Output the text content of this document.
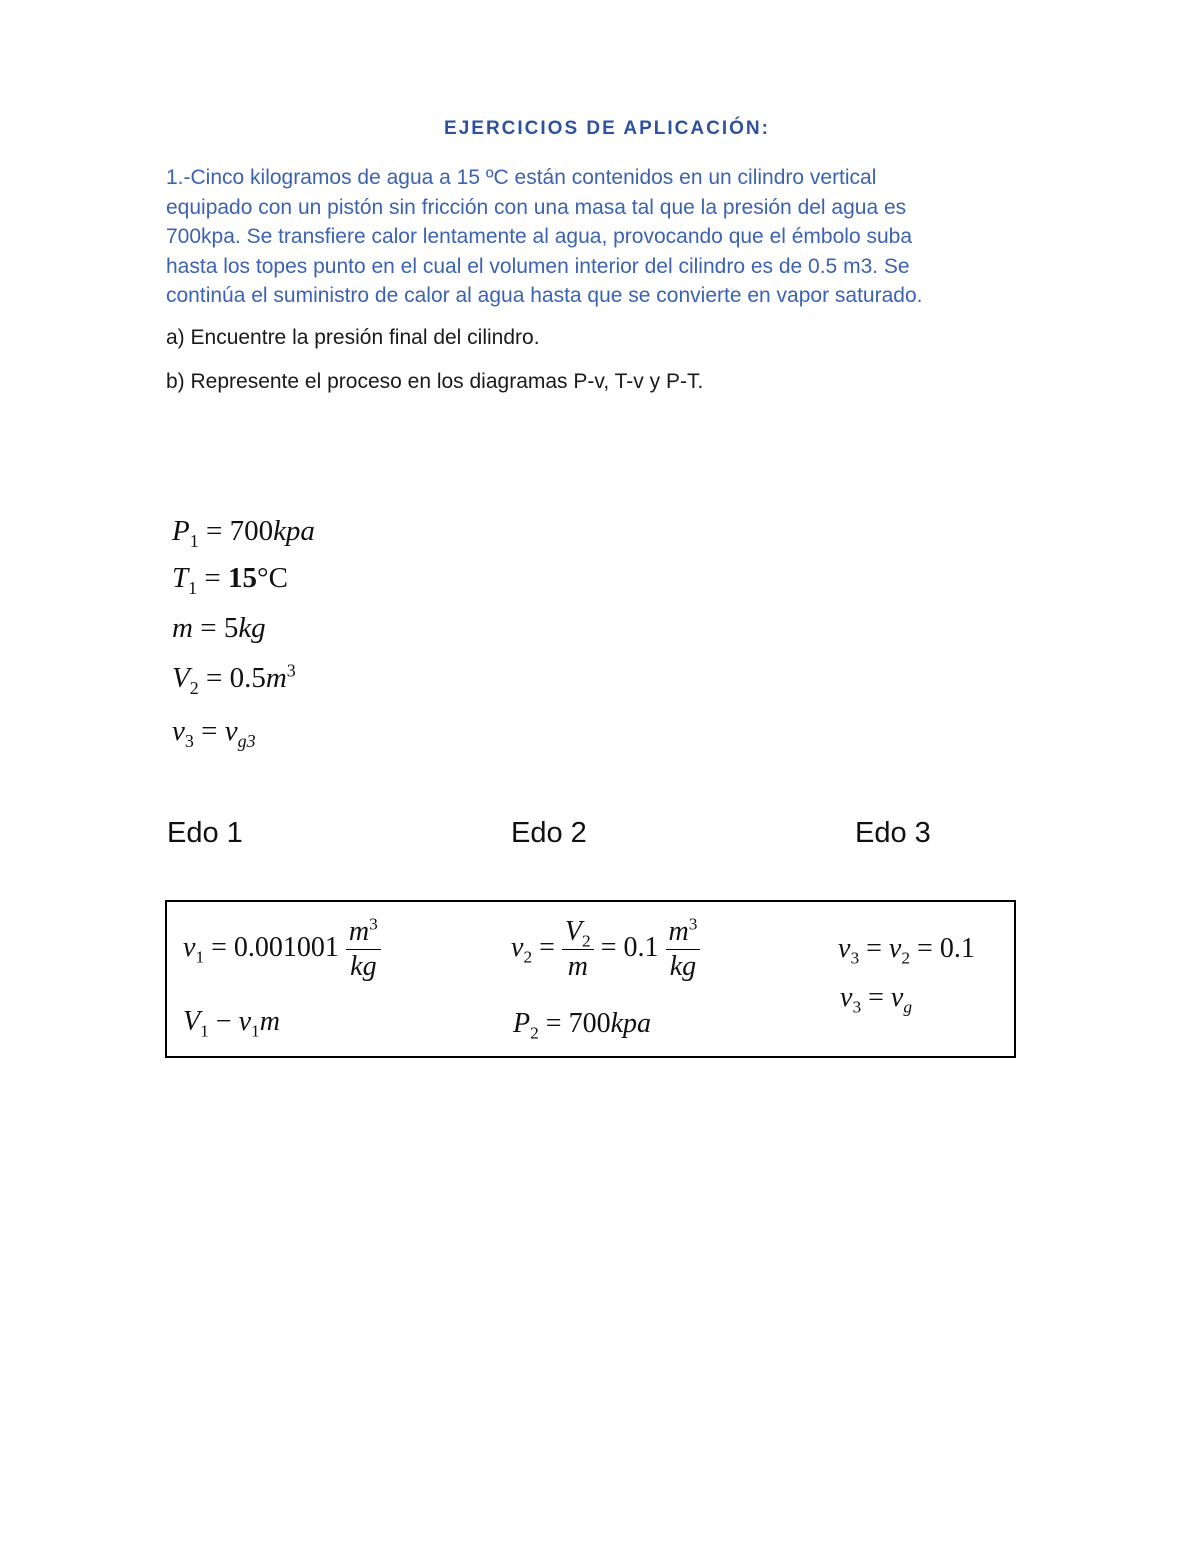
EJERCICIOS DE APLICACIÓN:
1.-Cinco kilogramos de agua a 15 ºC están contenidos en un cilindro vertical
equipado con un pistón sin fricción con una masa tal que la presión del agua es
700kpa. Se transfiere calor lentamente al agua, provocando que el émbolo suba
hasta los topes punto en el cual el volumen interior del cilindro es de 0.5 m3. Se
continúa el suministro de calor al agua hasta que se convierte en vapor saturado.
a) Encuentre la presión final del cilindro.
b) Represente el proceso en los diagramas P-v, T-v y P-T.
$P_1 = 700kpa$
$T_1 = 15^\circ C$
m = 5kg
$V_2 = 0.5m^3$
$v_3 = v_{g3}$
Edo 1	Edo 2	Edo 3
$v_1 = 0.001001 \frac{m^3}{kg}$
$V_1 - v_1m$
$v_2 = \frac{V_2}{m} = 0.1 \frac{m^3}{kg}$
$P_2 = 700kpa$
$v_3 = v_2 = 0.1$
$v_3 = v_g$
